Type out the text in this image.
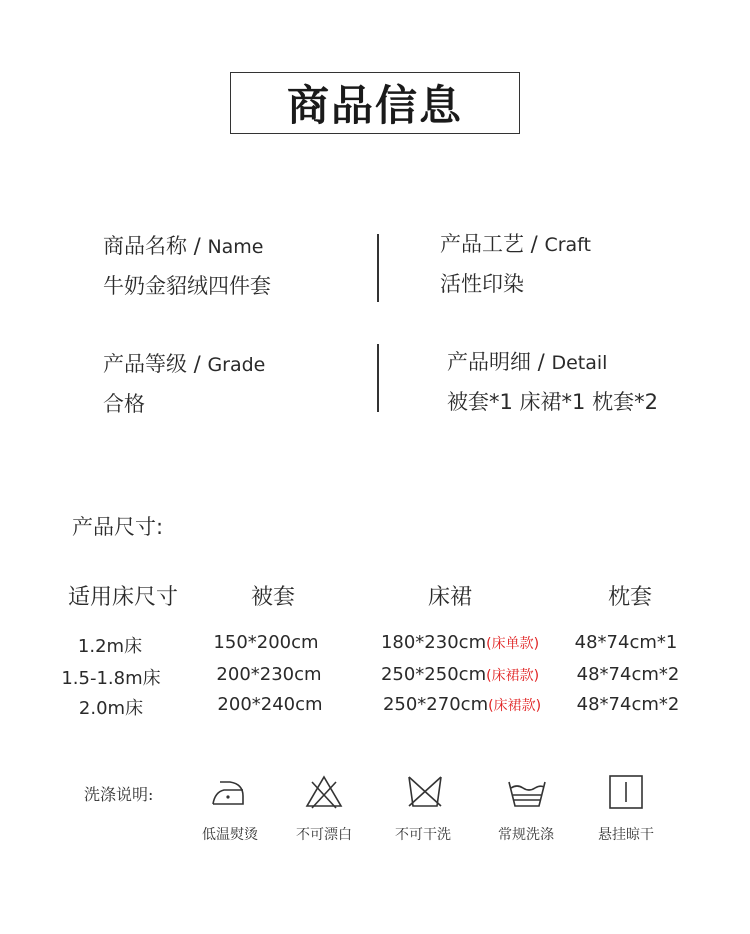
商品信息
商品名称 / Name
牛奶金貂绒四件套
产品工艺 / Craft
活性印染
产品等级 / Grade
合格
产品明细 / Detail
被套*1 床裙*1 枕套*2
产品尺寸:
适用床尺寸	被套	床裙	枕套
1.2m床	150*200cm	180*230cm(床单款)	48*74cm*1
1.5-1.8m床	200*230cm	250*250cm(床裙款)	48*74cm*2
2.0m床	200*240cm	250*270cm(床裙款)	48*74cm*2
洗涤说明:
低温熨烫	不可漂白	不可干洗	常规洗涤	悬挂晾干
